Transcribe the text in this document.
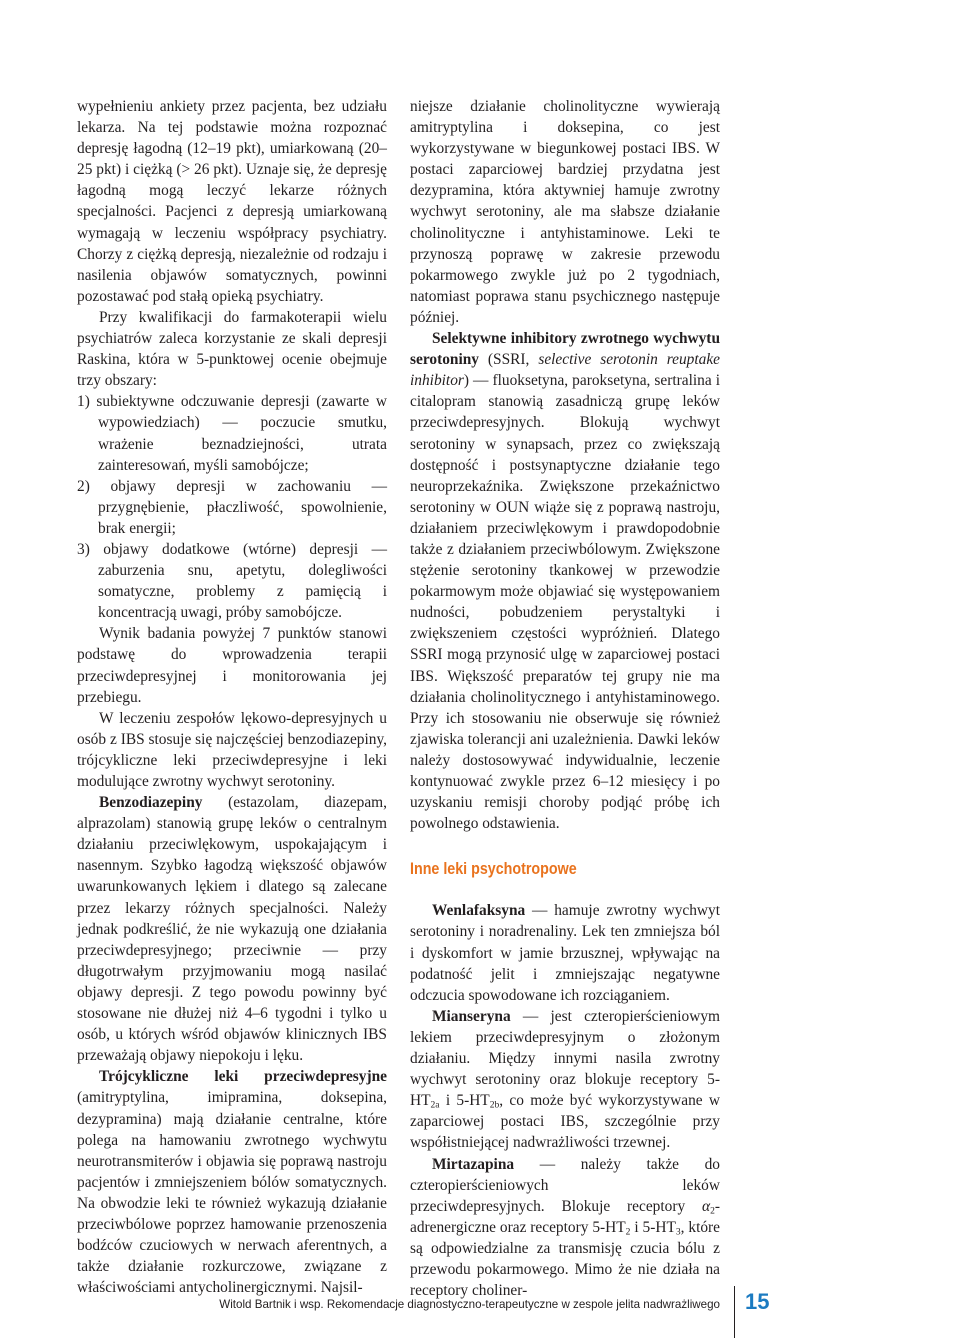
wypełnieniu ankiety przez pacjenta, bez udziału lekarza. Na tej podstawie można rozpoznać depresję łagodną (12–19 pkt), umiarkowaną (20–25 pkt) i ciężką (> 26 pkt). Uznaje się, że depresję łagodną mogą leczyć lekarze różnych specjalności. Pacjenci z depresją umiarkowaną wymagają w leczeniu współpracy psychiatry. Chorzy z ciężką depresją, niezależnie od rodzaju i nasilenia objawów somatycznych, powinni pozostawać pod stałą opieką psychiatry.

Przy kwalifikacji do farmakoterapii wielu psychiatrów zaleca korzystanie ze skali depresji Raskina, która w 5-punktowej ocenie obejmuje trzy obszary:

1) subiektywne odczuwanie depresji (zawarte w wypowiedziach) — poczucie smutku, wrażenie beznadziejności, utrata zainteresowań, myśli samobójcze;

2) objawy depresji w zachowaniu — przygnębienie, płaczliwość, spowolnienie, brak energii;

3) objawy dodatkowe (wtórne) depresji — zaburzenia snu, apetytu, dolegliwości somatyczne, problemy z pamięcią i koncentracją uwagi, próby samobójcze.

Wynik badania powyżej 7 punktów stanowi podstawę do wprowadzenia terapii przeciwdepresyjnej i monitorowania jej przebiegu.

W leczeniu zespołów lękowo-depresyjnych u osób z IBS stosuje się najczęściej benzodiazepiny, trójcykliczne leki przeciwdepresyjne i leki modulujące zwrotny wychwyt serotoniny.

Benzodiazepiny (estazolam, diazepam, alprazolam) stanowią grupę leków o centralnym działaniu przeciwlękowym, uspokajającym i nasennym. Szybko łagodzą większość objawów uwarunkowanych lękiem i dlatego są zalecane przez lekarzy różnych specjalności. Należy jednak podkreślić, że nie wykazują one działania przeciwdepresyjnego; przeciwnie — przy długotrwałym przyjmowaniu mogą nasilać objawy depresji. Z tego powodu powinny być stosowane nie dłużej niż 4–6 tygodni i tylko u osób, u których wśród objawów klinicznych IBS przeważają objawy niepokoju i lęku.

Trójcykliczne leki przeciwdepresyjne (amitryptylina, imipramina, doksepina, dezypramina) mają działanie centralne, które polega na hamowaniu zwrotnego wychwytu neurotransmiterów i objawia się poprawą nastroju pacjentów i zmniejszeniem bólów somatycznych. Na obwodzie leki te również wykazują działanie przeciwbólowe poprzez hamowanie przenoszenia bodźców czuciowych w nerwach aferentnych, a także działanie rozkurczowe, związane z właściwościami antycholinergicznymi. Najsil-

niejsze działanie cholinolityczne wywierają amitryptylina i doksepina, co jest wykorzystywane w biegunkowej postaci IBS. W postaci zaparciowej bardziej przydatna jest dezypramina, która aktywniej hamuje zwrotny wychwyt serotoniny, ale ma słabsze działanie cholinolityczne i antyhistaminowe. Leki te przynoszą poprawę w zakresie przewodu pokarmowego zwykle już po 2 tygodniach, natomiast poprawa stanu psychicznego następuje później.

Selektywne inhibitory zwrotnego wychwytu serotoniny (SSRI, selective serotonin reuptake inhibitor) — fluoksetyna, paroksetyna, sertralina i citalopram stanowią zasadniczą grupę leków przeciwdepresyjnych. Blokują wychwyt serotoniny w synapsach, przez co zwiększają dostępność i postsynaptyczne działanie tego neuroprzekaźnika. Zwiększone przekaźnictwo serotoniny w OUN wiąże się z poprawą nastroju, działaniem przeciwlękowym i prawdopodobnie także z działaniem przeciwbólowym. Zwiększone stężenie serotoniny tkankowej w przewodzie pokarmowym może objawiać się występowaniem nudności, pobudzeniem perystaltyki i zwiększeniem częstości wypróżnień. Dlatego SSRI mogą przynosić ulgę w zaparciowej postaci IBS. Większość preparatów tej grupy nie ma działania cholinolitycznego i antyhistaminowego. Przy ich stosowaniu nie obserwuje się również zjawiska tolerancji ani uzależnienia. Dawki leków należy dostosowywać indywidualnie, leczenie kontynuować zwykle przez 6–12 miesięcy i po uzyskaniu remisji choroby podjąć próbę ich powolnego odstawienia.

Inne leki psychotropowe

Wenlafaksyna — hamuje zwrotny wychwyt serotoniny i noradrenaliny. Lek ten zmniejsza ból i dyskomfort w jamie brzusznej, wpływając na podatność jelit i zmniejszając negatywne odczucia spowodowane ich rozciąganiem.

Mianseryna — jest czteropierścieniowym lekiem przeciwdepresyjnym o złożonym działaniu. Między innymi nasila zwrotny wychwyt serotoniny oraz blokuje receptory $5-HT_{2a}$ i $5-HT_{2b}$, co może być wykorzystywane w zaparciowej postaci IBS, szczególnie przy współistniejącej nadwrażliwości trzewnej.

Mirtazapina — należy także do czteropierścieniowych leków przeciwdepresyjnych. Blokuje receptory $\alpha_2$-adrenergiczne oraz receptory $5-HT_2$ i $5-HT_3$, które są odpowiedzialne za transmisję czucia bólu z przewodu pokarmowego. Mimo że nie działa na receptory choliner-

Witold Bartnik i wsp. Rekomendacje diagnostyczno-terapeutyczne w zespole jelita nadwrażliwego 15
